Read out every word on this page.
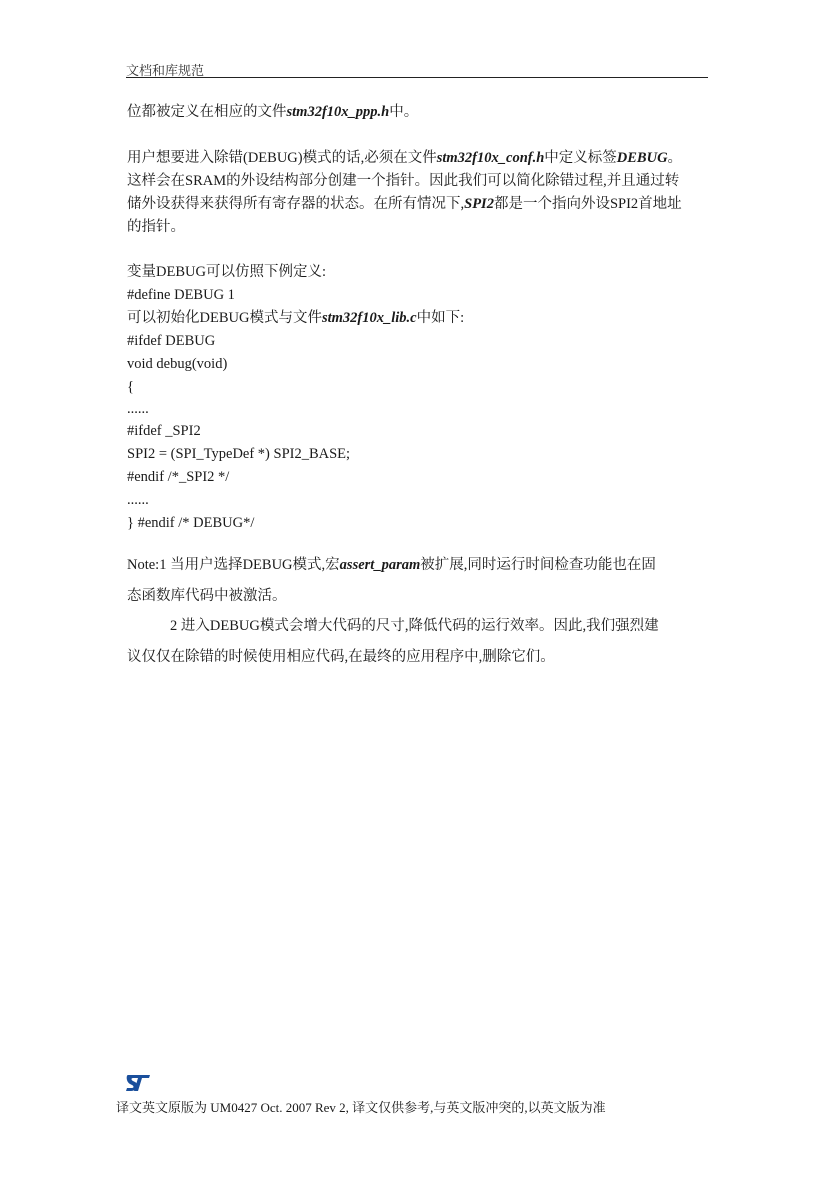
文档和库规范
位都被定义在相应的文件stm32f10x_ppp.h中。
用户想要进入除错(DEBUG)模式的话,必须在文件stm32f10x_conf.h中定义标签DEBUG。
这样会在SRAM的外设结构部分创建一个指针。因此我们可以简化除错过程,并且通过转
储外设获得来获得所有寄存器的状态。在所有情况下,SPI2都是一个指向外设SPI2首地址
的指针。
变量DEBUG可以仿照下例定义:
#define DEBUG 1
可以初始化DEBUG模式与文件stm32f10x_lib.c中如下:
#ifdef DEBUG
void debug(void)
{
......
#ifdef _SPI2
SPI2 = (SPI_TypeDef *) SPI2_BASE;
#endif /*_SPI2 */
......
} #endif /* DEBUG*/
Note:1 当用户选择DEBUG模式,宏assert_param被扩展,同时运行时间检查功能也在固
态函数库代码中被激活。
2 进入DEBUG模式会增大代码的尺寸,降低代码的运行效率。因此,我们强烈建
议仅仅在除错的时候使用相应代码,在最终的应用程序中,删除它们。
译文英文原版为 UM0427 Oct. 2007 Rev 2, 译文仅供参考,与英文版冲突的,以英文版为准
